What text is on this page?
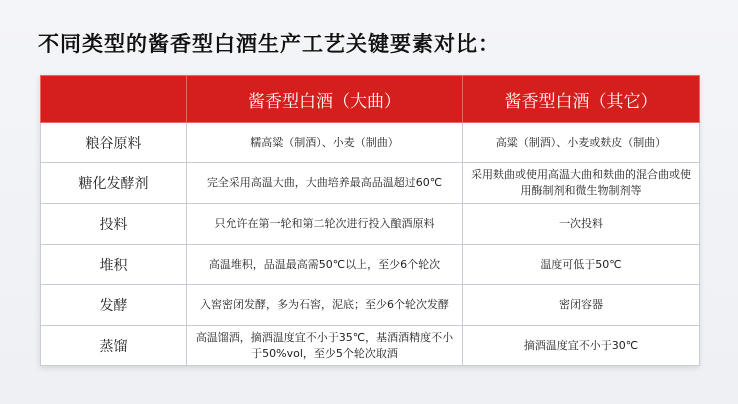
不同类型的酱香型白酒生产工艺关键要素对比：
	酱香型白酒（大曲）	酱香型白酒（其它）
粮谷原料	糯高粱（制酒）、小麦（制曲）	高粱（制酒）、小麦或麸皮（制曲）
糖化发酵剂	完全采用高温大曲，大曲培养最高品温超过60℃	采用麸曲或使用高温大曲和麸曲的混合曲或使用酶制剂和微生物制剂等
投料	只允许在第一轮和第二轮次进行投入酿酒原料	一次投料
堆积	高温堆积，品温最高需50℃以上，至少6个轮次	温度可低于50℃
发酵	入窖密闭发酵，多为石窖，泥底；至少6个轮次发酵	密闭容器
蒸馏	高温馏酒，摘酒温度宜不小于35℃，基酒酒精度不小于50%vol，至少5个轮次取酒	摘酒温度宜不小于30℃
